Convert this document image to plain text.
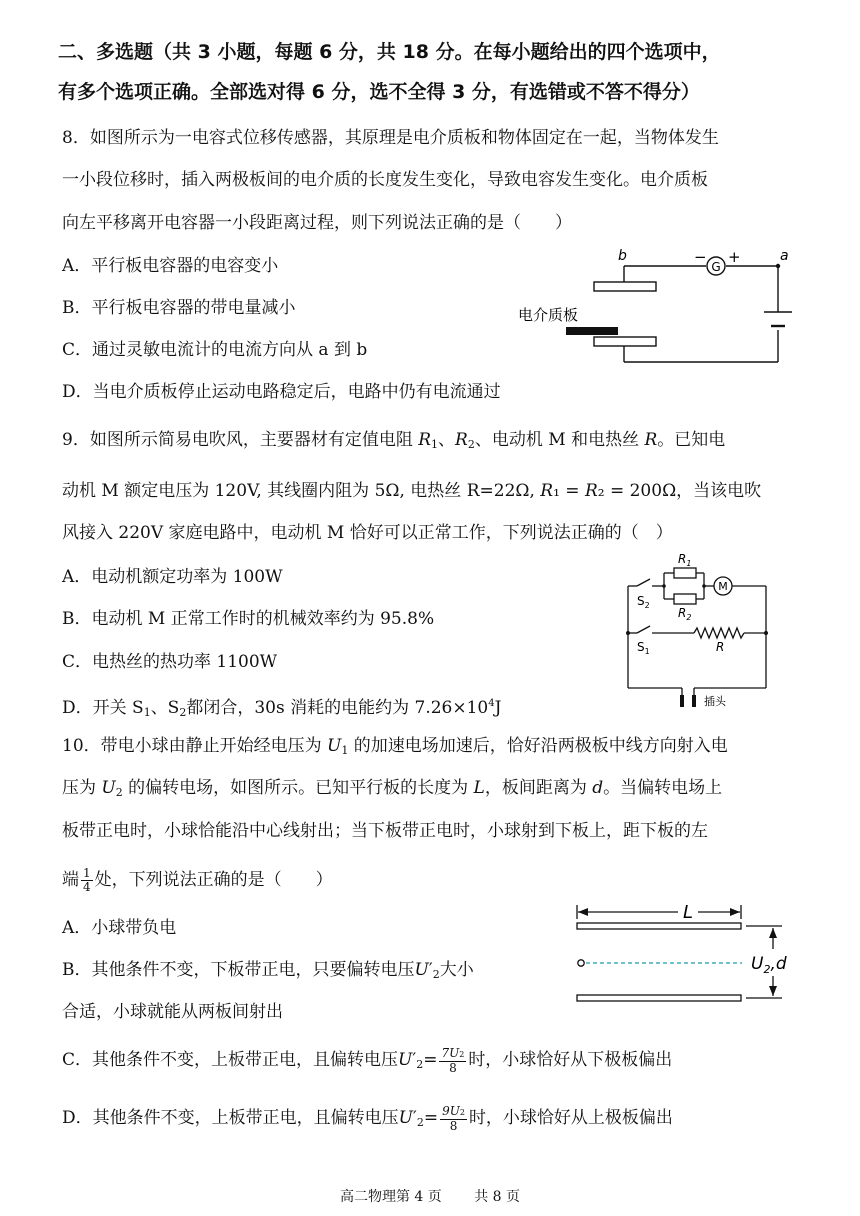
二、多选题（共 3 小题，每题 6 分，共 18 分。在每小题给出的四个选项中，
有多个选项正确。全部选对得 6 分，选不全得 3 分，有选错或不答不得分）
8．如图所示为一电容式位移传感器，其原理是电介质板和物体固定在一起，当物体发生
一小段位移时，插入两极板间的电介质的长度发生变化，导致电容发生变化。电介质板
向左平移离开电容器一小段距离过程，则下列说法正确的是（　　）
A．平行板电容器的电容变小
B．平行板电容器的带电量减小
C．通过灵敏电流计的电流方向从 a 到 b
D．当电介质板停止运动电路稳定后，电路中仍有电流通过
G
b	a
− +
电介质板
9．如图所示简易电吹风，主要器材有定值电阻 $R_1$、$R_2$、电动机 M 和电热丝 R。已知电
动机 M 额定电压为 120V, 其线圈内阻为 5Ω, 电热丝 R=22Ω, 𝑅₁ = 𝑅₂ = 200Ω，当该电吹
风接入 220V 家庭电路中，电动机 M 恰好可以正常工作，下列说法正确的（　）
A．电动机额定功率为 100W
B．电动机 M 正常工作时的机械效率约为 95.8%
C．电热丝的热功率 1100W
D．开关 $S_1$、$S_2$都闭合，30s 消耗的电能约为 $7.26\times 10^4J$
M
$R_1$
$R_2$
$S_2$
$S_1$	R
插头
10．带电小球由静止开始经电压为 $U_1$ 的加速电场加速后，恰好沿两极板中线方向射入电
压为 $U_2$ 的偏转电场，如图所示。已知平行板的长度为 L，板间距离为 d。当偏转电场上
板带正电时，小球恰能沿中心线射出；当下板带正电时，小球射到下板上，距下板的左
端 $\frac{1}{4}$ 处，下列说法正确的是（　　）
A．小球带负电
B．其他条件不变，下板带正电，只要偏转电压$U'_2$大小
合适，小球就能从两板间射出
C．其他条件不变，上板带正电，且偏转电压$U'_2= \frac{7U2}{8}$ 时，小球恰好从下极板偏出
D．其他条件不变，上板带正电，且偏转电压$U'_2= \frac{9U2}{8}$ 时，小球恰好从上极板偏出
L
$U_2,d$
高二物理第 4 页 共 8 页
